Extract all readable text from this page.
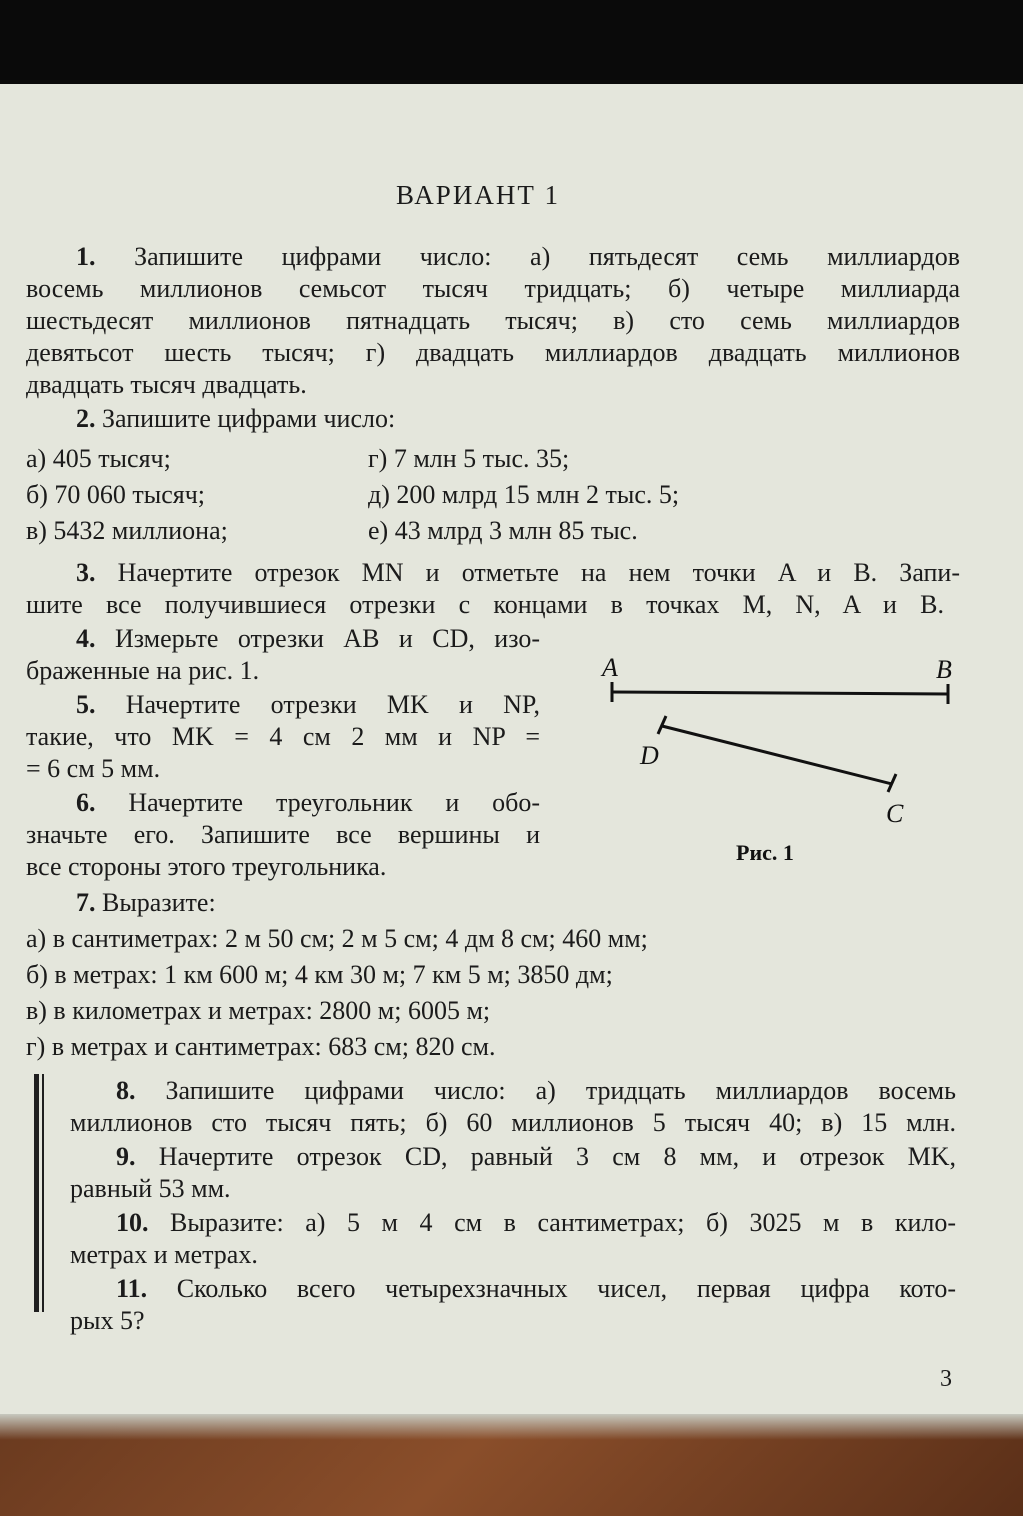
ВАРИАНТ 1
1. Запишите цифрами число: а) пятьдесят семь миллиардов
восемь миллионов семьсот тысяч тридцать; б) четыре миллиарда
шестьдесят миллионов пятнадцать тысяч; в) сто семь миллиардов
девятьсот шесть тысяч; г) двадцать миллиардов двадцать миллионов
двадцать тысяч двадцать.
2. Запишите цифрами число:
а) 405 тысяч;	г) 7 млн 5 тыс. 35;
б) 70 060 тысяч;	д) 200 млрд 15 млн 2 тыс. 5;
в) 5432 миллиона;	е) 43 млрд 3 млн 85 тыс.
3. Начертите отрезок MN и отметьте на нем точки A и B. Запи-
шите все получившиеся отрезки с концами в точках M, N, A и B.
4. Измерьте отрезки AB и CD, изо-
браженные на рис. 1.
5. Начертите отрезки MK и NP,
такие, что MK = 4 см 2 мм и NP =
= 6 см 5 мм.
6. Начертите треугольник и обо-
значьте его. Запишите все вершины и
все стороны этого треугольника.
A	B
D
C
Рис. 1
7. Выразите:
а) в сантиметрах: 2 м 50 см; 2 м 5 см; 4 дм 8 см; 460 мм;
б) в метрах: 1 км 600 м; 4 км 30 м; 7 км 5 м; 3850 дм;
в) в километрах и метрах: 2800 м; 6005 м;
г) в метрах и сантиметрах: 683 см; 820 см.
8. Запишите цифрами число: а) тридцать миллиардов восемь
миллионов сто тысяч пять; б) 60 миллионов 5 тысяч 40; в) 15 млн.
9. Начертите отрезок CD, равный 3 см 8 мм, и отрезок MK,
равный 53 мм.
10. Выразите: а) 5 м 4 см в сантиметрах; б) 3025 м в кило-
метрах и метрах.
11. Сколько всего четырехзначных чисел, первая цифра кото-
рых 5?
3
